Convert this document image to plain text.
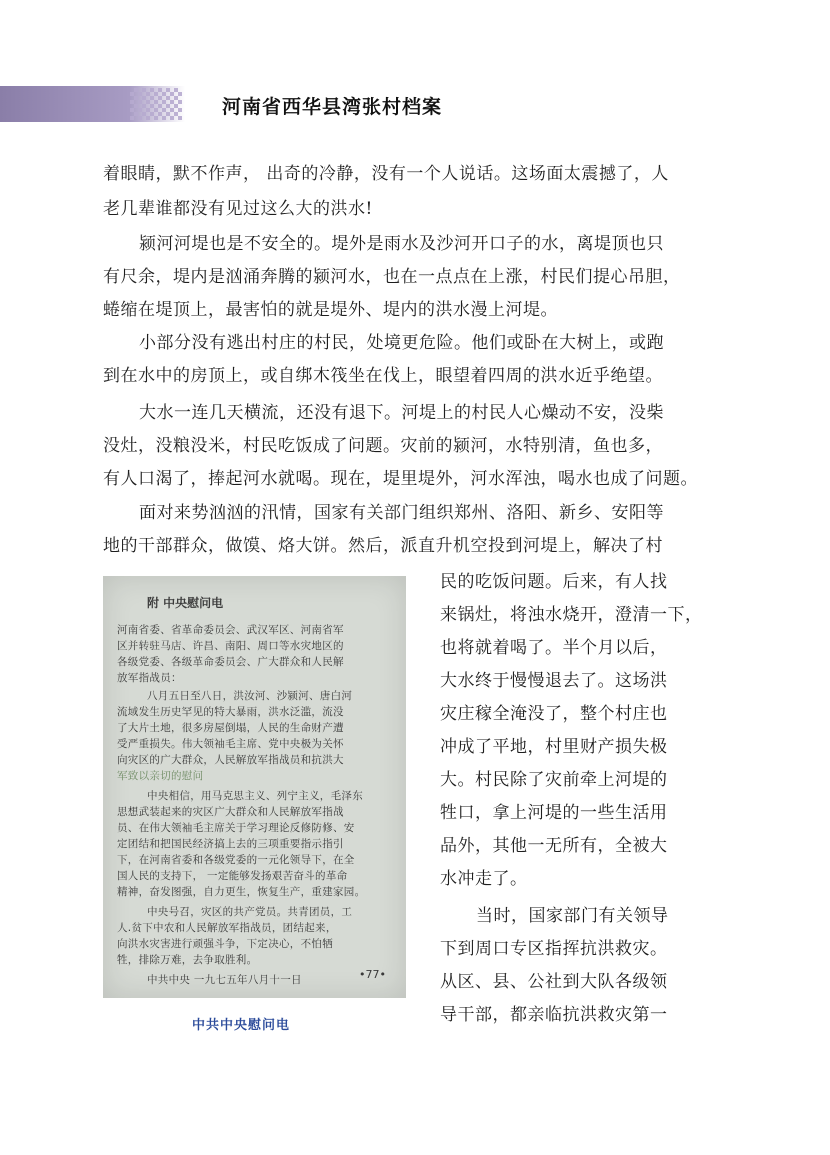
河南省西华县湾张村档案

着眼睛，默不作声， 出奇的冷静，没有一个人说话。这场面太震撼了，人

老几辈谁都没有见过这么大的洪水!

颍河河堤也是不安全的。堤外是雨水及沙河开口子的水，离堤顶也只

有尺余，堤内是汹涌奔腾的颍河水，也在一点点在上涨，村民们提心吊胆，

蜷缩在堤顶上，最害怕的就是堤外、堤内的洪水漫上河堤。

小部分没有逃出村庄的村民，处境更危险。他们或卧在大树上，或跑

到在水中的房顶上，或自绑木筏坐在伐上，眼望着四周的洪水近乎绝望。

大水一连几天横流，还没有退下。河堤上的村民人心燥动不安，没柴

没灶，没粮没米，村民吃饭成了问题。灾前的颍河，水特别清，鱼也多，

有人口渴了，捧起河水就喝。现在，堤里堤外，河水浑浊，喝水也成了问题。

面对来势汹汹的汛情，国家有关部门组织郑州、洛阳、新乡、安阳等

地的干部群众，做馍、烙大饼。然后，派直升机空投到河堤上，解决了村

民的吃饭问题。后来，有人找

来锅灶，将浊水烧开，澄清一下，

也将就着喝了。半个月以后，

大水终于慢慢退去了。这场洪

灾庄稼全淹没了，整个村庄也

冲成了平地，村里财产损失极

大。村民除了灾前牵上河堤的

牲口，拿上河堤的一些生活用

品外，其他一无所有，全被大

水冲走了。

当时，国家部门有关领导

下到周口专区指挥抗洪救灾。

从区、县、公社到大队各级领

导干部，都亲临抗洪救灾第一

附 中央慰问电

河南省委、省革命委员会、武汉军区、河南省军

区并转驻马店、许昌、南阳、周口等水灾地区的

各级党委、各级革命委员会、广大群众和人民解

放军指战员：

八月五日至八日，洪汝河、沙颍河、唐白河

流域发生历史罕见的特大暴雨，洪水泛滥，流没

了大片土地，很多房屋倒塌，人民的生命财产遭

受严重损失。伟大领袖毛主席、党中央极为关怀

向灾区的广大群众，人民解放军指战员和抗洪大

军致以亲切的慰问

中央相信，用马克思主义、列宁主义，毛泽东

思想武装起来的灾区广大群众和人民解放军指战

员、在伟大领袖毛主席关于学习理论反修防修、安

定团结和把国民经济搞上去的三项重要指示指引

下，在河南省委和各级党委的一元化领导下，在全

国人民的支持下， 一定能够发扬艰苦奋斗的革命

精神，奋发图强，自力更生，恢复生产，重建家园。

中央号召，灾区的共产党员。共青团员，工

人.贫下中农和人民解放军指战员，团结起来，

向洪水灾害进行顽强斗争，下定决心，不怕牺

牲，排除万难，去争取胜利。

中共中央 一九七五年八月十一日	•77•

中共中央慰问电
